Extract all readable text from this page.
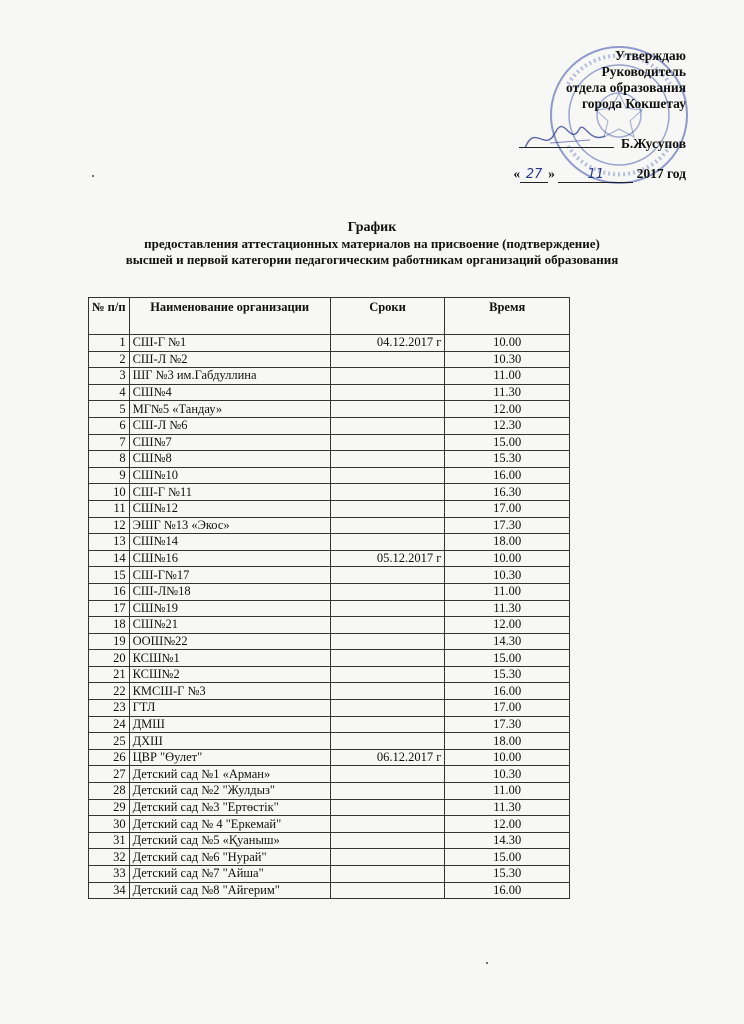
Утверждаю
Руководитель
отдела образования
города Кокшетау
Б.Жусупов
« 27 »	11 2017 год
График
предоставления аттестационных материалов на присвоение (подтверждение)
высшей и первой категории педагогическим работникам организаций образования
№ п/п	Наименование организации	Сроки	Время
1	СШ-Г №1	04.12.2017 г	10.00
2	СШ-Л №2		10.30
3	ШГ №3 им.Габдуллина		11.00
4	СШ№4		11.30
5	МГ№5 «Тандау»		12.00
6	СШ-Л №6		12.30
7	СШ№7		15.00
8	СШ№8		15.30
9	СШ№10		16.00
10	СШ-Г №11		16.30
11	СШ№12		17.00
12	ЭШГ №13 «Экос»		17.30
13	СШ№14		18.00
14	СШ№16	05.12.2017 г	10.00
15	СШ-Г№17		10.30
16	СШ-Л№18		11.00
17	СШ№19		11.30
18	СШ№21		12.00
19	ООШ№22		14.30
20	КСШ№1		15.00
21	КСШ№2		15.30
22	КМСШ-Г №3		16.00
23	ГТЛ		17.00
24	ДМШ		17.30
25	ДХШ		18.00
26	ЦВР "Өулет"	06.12.2017 г	10.00
27	Детский сад №1 «Арман»		10.30
28	Детский сад №2 "Жулдыз"		11.00
29	Детский сад №3 "Ертөстік"		11.30
30	Детский сад № 4 "Еркемай"		12.00
31	Детский сад №5 «Қуаныш»		14.30
32	Детский сад №6 "Нурай"		15.00
33	Детский сад №7 "Айша"		15.30
34	Детский сад №8 "Айгерим"		16.00
